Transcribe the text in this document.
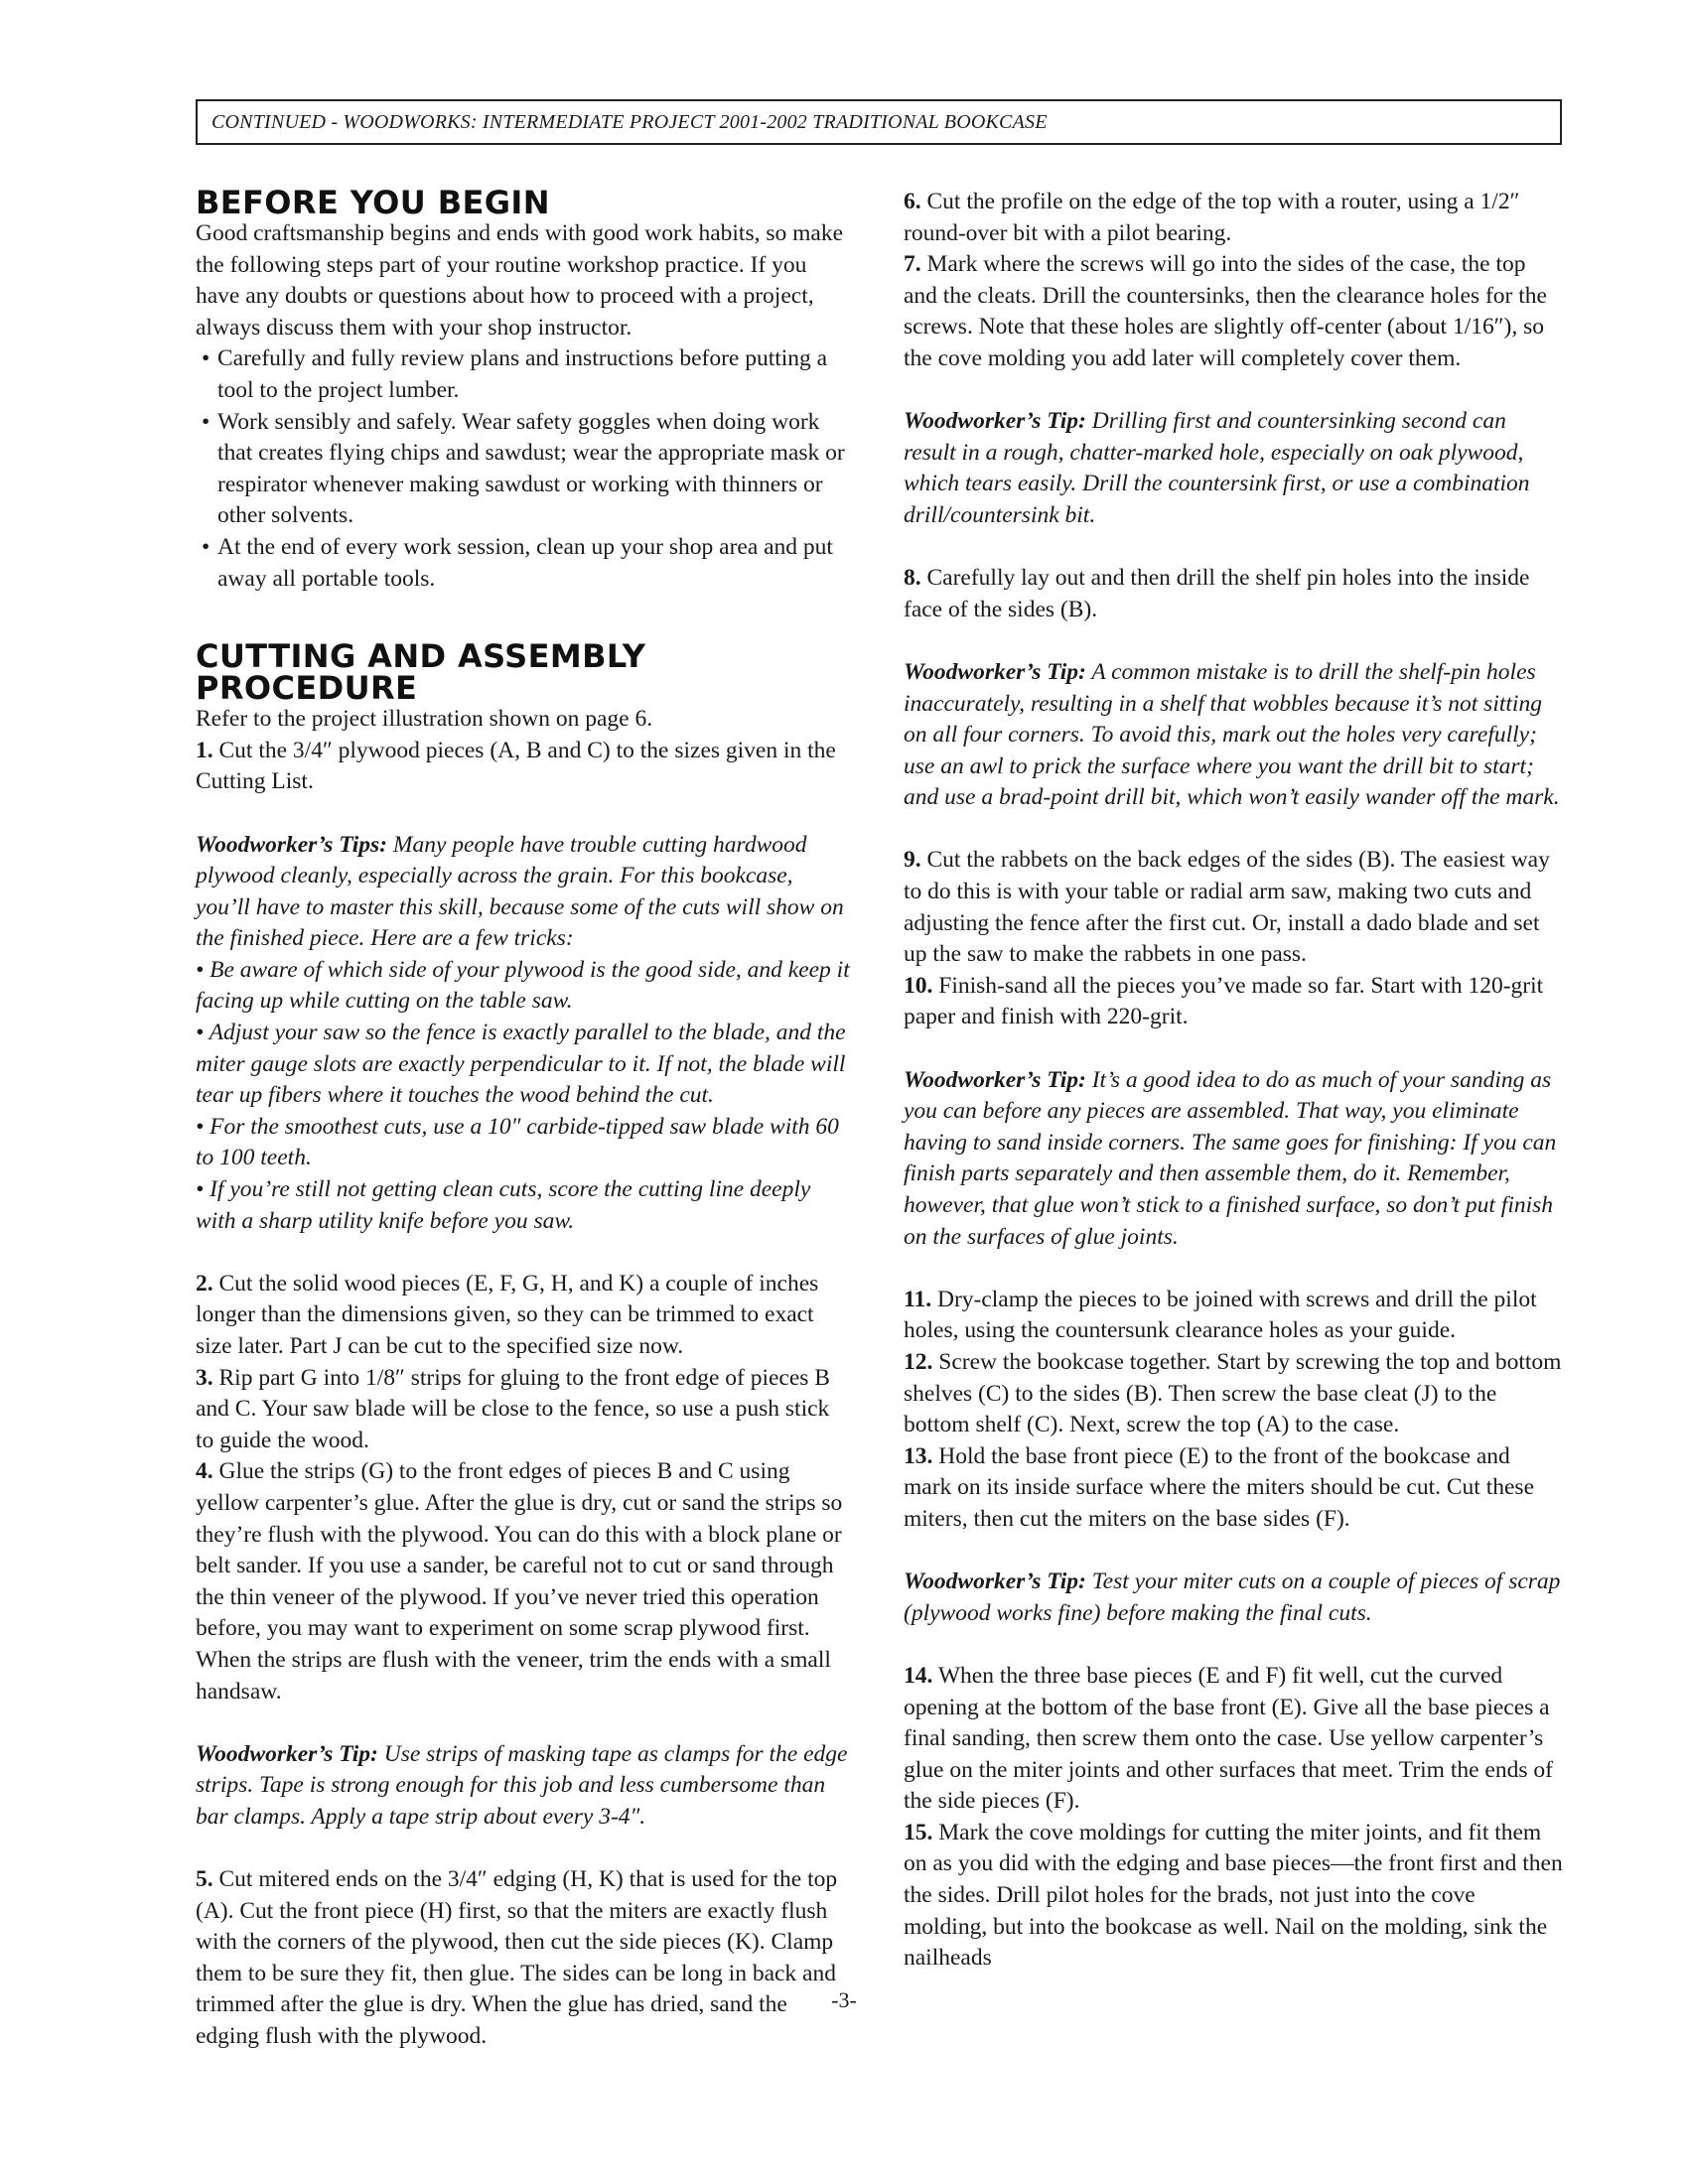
CONTINUED - WOODWORKS: INTERMEDIATE PROJECT 2001-2002 TRADITIONAL BOOKCASE
BEFORE YOU BEGIN

Good craftsmanship begins and ends with good work habits, so make the following steps part of your routine workshop practice. If you have any doubts or questions about how to proceed with a project, always discuss them with your shop instructor.

• Carefully and fully review plans and instructions before putting a tool to the project lumber.
• Work sensibly and safely. Wear safety goggles when doing work that creates flying chips and sawdust; wear the appropriate mask or respirator whenever making sawdust or working with thinners or other solvents.
• At the end of every work session, clean up your shop area and put away all portable tools.
CUTTING AND ASSEMBLY
PROCEDURE

Refer to the project illustration shown on page 6.

1. Cut the 3/4″ plywood pieces (A, B and C) to the sizes given in the Cutting List.

Woodworker’s Tips: Many people have trouble cutting hardwood plywood cleanly, especially across the grain. For this bookcase, you’ll have to master this skill, because some of the cuts will show on the finished piece. Here are a few tricks:

• Be aware of which side of your plywood is the good side, and keep it facing up while cutting on the table saw.

• Adjust your saw so the fence is exactly parallel to the blade, and the miter gauge slots are exactly perpendicular to it. If not, the blade will tear up fibers where it touches the wood behind the cut.

• For the smoothest cuts, use a 10″ carbide-tipped saw blade with 60 to 100 teeth.

• If you’re still not getting clean cuts, score the cutting line deeply with a sharp utility knife before you saw.

2. Cut the solid wood pieces (E, F, G, H, and K) a couple of inches longer than the dimensions given, so they can be trimmed to exact size later. Part J can be cut to the specified size now.

3. Rip part G into 1/8″ strips for gluing to the front edge of pieces B and C. Your saw blade will be close to the fence, so use a push stick to guide the wood.

4. Glue the strips (G) to the front edges of pieces B and C using yellow carpenter’s glue. After the glue is dry, cut or sand the strips so they’re flush with the plywood. You can do this with a block plane or belt sander. If you use a sander, be careful not to cut or sand through the thin veneer of the plywood. If you’ve never tried this operation before, you may want to experiment on some scrap plywood first. When the strips are flush with the veneer, trim the ends with a small handsaw.

Woodworker’s Tip: Use strips of masking tape as clamps for the edge strips. Tape is strong enough for this job and less cumbersome than bar clamps. Apply a tape strip about every 3-4″.

5. Cut mitered ends on the 3/4″ edging (H, K) that is used for the top (A). Cut the front piece (H) first, so that the miters are exactly flush with the corners of the plywood, then cut the side pieces (K). Clamp them to be sure they fit, then glue. The sides can be long in back and trimmed after the glue is dry. When the glue has dried, sand the edging flush with the plywood.

6. Cut the profile on the edge of the top with a router, using a 1/2″ round-over bit with a pilot bearing.

7. Mark where the screws will go into the sides of the case, the top and the cleats. Drill the countersinks, then the clearance holes for the screws. Note that these holes are slightly off-center (about 1/16″), so the cove molding you add later will completely cover them.

Woodworker’s Tip: Drilling first and countersinking second can result in a rough, chatter-marked hole, especially on oak plywood, which tears easily. Drill the countersink first, or use a combination drill/countersink bit.

8. Carefully lay out and then drill the shelf pin holes into the inside face of the sides (B).

Woodworker’s Tip: A common mistake is to drill the shelf-pin holes inaccurately, resulting in a shelf that wobbles because it’s not sitting on all four corners. To avoid this, mark out the holes very carefully; use an awl to prick the surface where you want the drill bit to start; and use a brad-point drill bit, which won’t easily wander off the mark.

9. Cut the rabbets on the back edges of the sides (B). The easiest way to do this is with your table or radial arm saw, making two cuts and adjusting the fence after the first cut. Or, install a dado blade and set up the saw to make the rabbets in one pass.

10. Finish-sand all the pieces you’ve made so far. Start with 120-grit paper and finish with 220-grit.

Woodworker’s Tip: It’s a good idea to do as much of your sanding as you can before any pieces are assembled. That way, you eliminate having to sand inside corners. The same goes for finishing: If you can finish parts separately and then assemble them, do it. Remember, however, that glue won’t stick to a finished surface, so don’t put finish on the surfaces of glue joints.

11. Dry-clamp the pieces to be joined with screws and drill the pilot holes, using the countersunk clearance holes as your guide.

12. Screw the bookcase together. Start by screwing the top and bottom shelves (C) to the sides (B). Then screw the base cleat (J) to the bottom shelf (C). Next, screw the top (A) to the case.

13. Hold the base front piece (E) to the front of the bookcase and mark on its inside surface where the miters should be cut. Cut these miters, then cut the miters on the base sides (F).

Woodworker’s Tip: Test your miter cuts on a couple of pieces of scrap (plywood works fine) before making the final cuts.

14. When the three base pieces (E and F) fit well, cut the curved opening at the bottom of the base front (E). Give all the base pieces a final sanding, then screw them onto the case. Use yellow carpenter’s glue on the miter joints and other surfaces that meet. Trim the ends of the side pieces (F).

15. Mark the cove moldings for cutting the miter joints, and fit them on as you did with the edging and base pieces—the front first and then the sides. Drill pilot holes for the brads, not just into the cove molding, but into the bookcase as well. Nail on the molding, sink the nailheads

-3-
